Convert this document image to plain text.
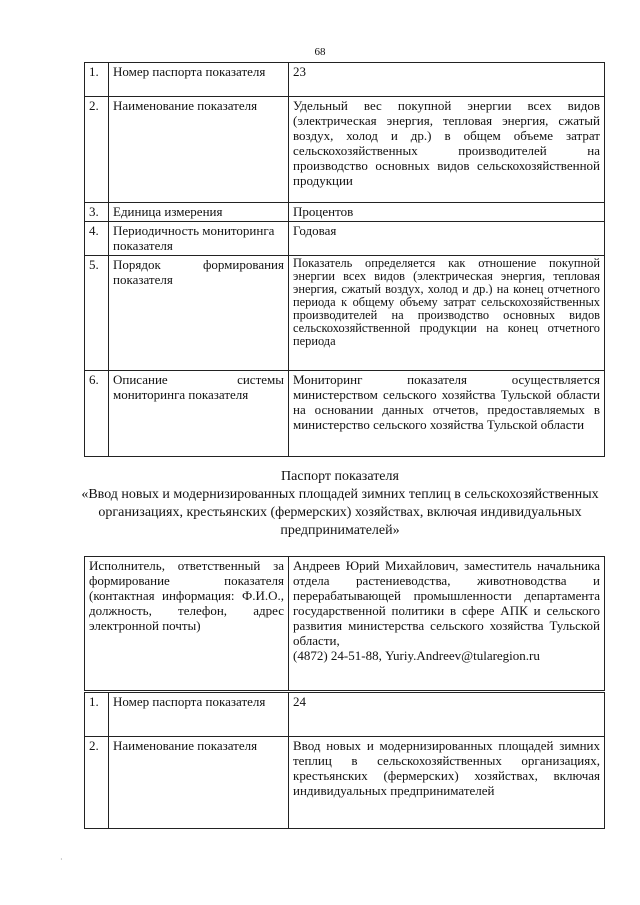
68
1.	Номер паспорта показателя	23
2.	Наименование показателя	Удельный вес покупной энергии всех видов (электрическая энергия, тепловая энергия, сжатый воздух, холод и др.) в общем объеме затрат сельскохозяйственных производителей на производство основных видов сельскохозяйственной продукции
3.	Единица измерения	Процентов
4.	Периодичность мониторинга показателя	Годовая
5.	Порядок формирования показателя	Показатель определяется как отношение покупной энергии всех видов (электрическая энергия, тепловая энергия, сжатый воздух, холод и др.) на конец отчетного периода к общему объему затрат сельскохозяйственных производителей на производство основных видов сельскохозяйственной продукции на конец отчетного периода
6.	Описание системы мониторинга показателя	Мониторинг показателя осуществляется министерством сельского хозяйства Тульской области на основании данных отчетов, предоставляемых в министерство сельского хозяйства Тульской области
Паспорт показателя
«Ввод новых и модернизированных площадей зимних теплиц в сельскохозяйственных организациях, крестьянских (фермерских) хозяйствах, включая индивидуальных предпринимателей»
Исполнитель, ответственный за формирование показателя (контактная информация: Ф.И.О., должность, телефон, адрес электронной почты)	Андреев Юрий Михайлович, заместитель начальника отдела растениеводства, животноводства и перерабатывающей промышленности департамента государственной политики в сфере АПК и сельского развития министерства сельского хозяйства Тульской области,
(4872) 24-51-88, Yuriy.Andreev@tularegion.ru
1.	Номер паспорта показателя	24
2.	Наименование показателя	Ввод новых и модернизированных площадей зимних теплиц в сельскохозяйственных организациях, крестьянских (фермерских) хозяйствах, включая индивидуальных предпринимателей
·
